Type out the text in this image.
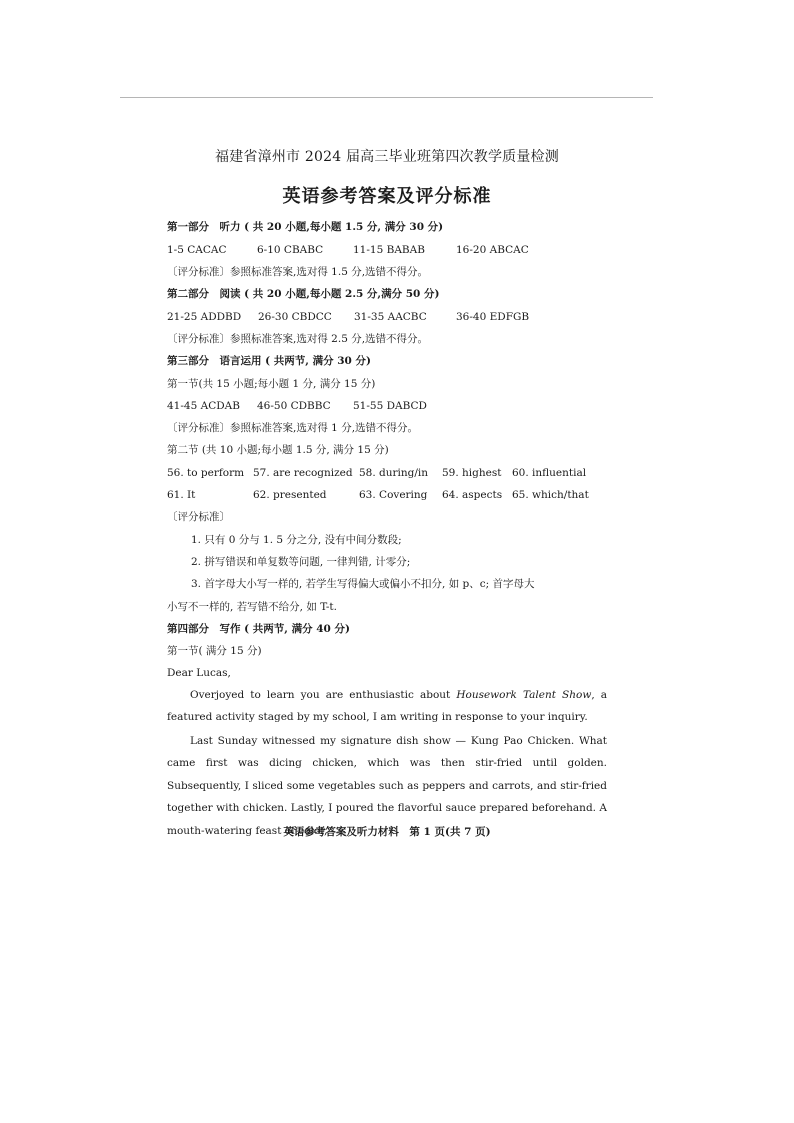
福建省漳州市 2024 届高三毕业班第四次教学质量检测
英语参考答案及评分标准
第一部分　听力 ( 共 20 小题,每小题 1.5 分, 满分 30 分)
1-5 CACAC	6-10 CBABC	11-15 BABAB	16-20 ABCAC
〔评分标准〕参照标准答案,选对得 1.5 分,选错不得分。
第二部分　阅读 ( 共 20 小题,每小题 2.5 分,满分 50 分)
21-25 ADDBD 26-30 CBDCC 31-35 AACBC	36-40 EDFGB
〔评分标准〕参照标准答案,选对得 2.5 分,选错不得分。
第三部分　语言运用 ( 共两节, 满分 30 分)
第一节(共 15 小题;每小题 1 分, 满分 15 分)
41-45 ACDAB 46-50 CDBBC 51-55 DABCD
〔评分标准〕参照标准答案,选对得 1 分,选错不得分。
第二节 (共 10 小题;每小题 1.5 分, 满分 15 分)
56. to perform 57. are recognized 58. during/in 59. highest 60. influential
61. It	62. presented	63. Covering 64. aspects 65. which/that
〔评分标准〕
1. 只有 0 分与 1. 5 分之分, 没有中间分数段;
2. 拼写错误和单复数等问题, 一律判错, 计零分;
3. 首字母大小写一样的, 若学生写得偏大或偏小不扣分, 如 p、c; 首字母大
小写不一样的, 若写错不给分, 如 T-t.
第四部分　写作 ( 共两节, 满分 40 分)
第一节( 满分 15 分)
Dear Lucas,
Overjoyed to learn you are enthusiastic about Housework Talent Show, a featured activity staged by my school, I am writing in response to your inquiry.
Last Sunday witnessed my signature dish show — Kung Pao Chicken. What came first was dicing chicken, which was then stir-fried until golden. Subsequently, I sliced some vegetables such as peppers and carrots, and stir-fried together with chicken. Lastly, I poured the flavorful sauce prepared beforehand. A mouth-watering feast of color,
英语参考答案及听力材料　第 1 页(共 7 页)
